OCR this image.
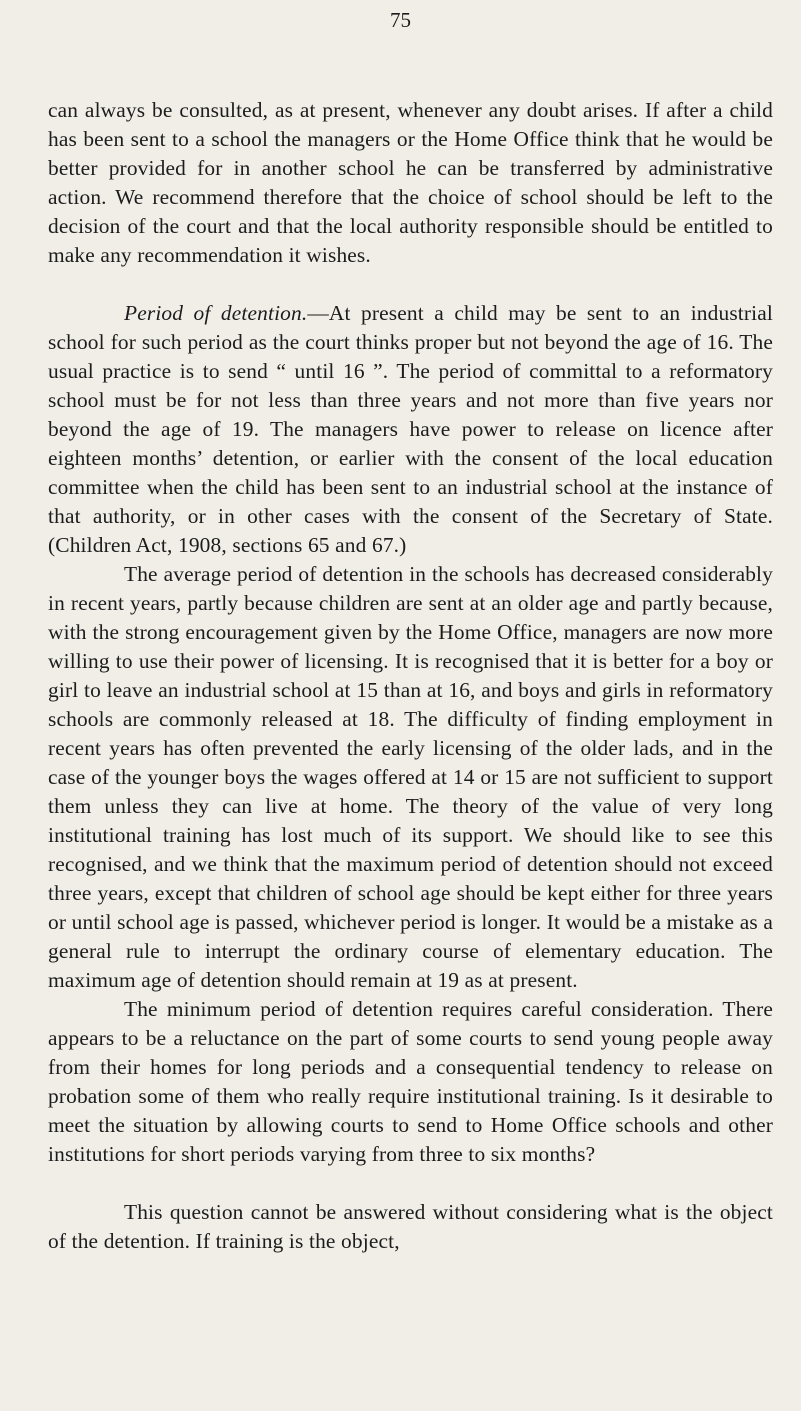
75

can always be consulted, as at present, whenever any doubt arises. If after a child has been sent to a school the managers or the Home Office think that he would be better provided for in another school he can be transferred by administrative action. We recommend therefore that the choice of school should be left to the decision of the court and that the local authority responsible should be entitled to make any recommendation it wishes.

Period of detention.—At present a child may be sent to an industrial school for such period as the court thinks proper but not beyond the age of 16. The usual practice is to send “ until 16 ”. The period of committal to a reformatory school must be for not less than three years and not more than five years nor beyond the age of 19. The managers have power to release on licence after eighteen months’ detention, or earlier with the consent of the local education committee when the child has been sent to an industrial school at the instance of that authority, or in other cases with the consent of the Secretary of State. (Children Act, 1908, sections 65 and 67.)

The average period of detention in the schools has decreased considerably in recent years, partly because children are sent at an older age and partly because, with the strong encouragement given by the Home Office, managers are now more willing to use their power of licensing. It is recognised that it is better for a boy or girl to leave an industrial school at 15 than at 16, and boys and girls in reformatory schools are commonly released at 18. The difficulty of finding employment in recent years has often prevented the early licensing of the older lads, and in the case of the younger boys the wages offered at 14 or 15 are not sufficient to support them unless they can live at home. The theory of the value of very long institutional training has lost much of its support. We should like to see this recognised, and we think that the maximum period of detention should not exceed three years, except that children of school age should be kept either for three years or until school age is passed, whichever period is longer. It would be a mistake as a general rule to interrupt the ordinary course of elementary education. The maximum age of detention should remain at 19 as at present.

The minimum period of detention requires careful consideration. There appears to be a reluctance on the part of some courts to send young people away from their homes for long periods and a consequential tendency to release on probation some of them who really require institutional training. Is it desirable to meet the situation by allowing courts to send to Home Office schools and other institutions for short periods varying from three to six months?

This question cannot be answered without considering what is the object of the detention. If training is the object,
